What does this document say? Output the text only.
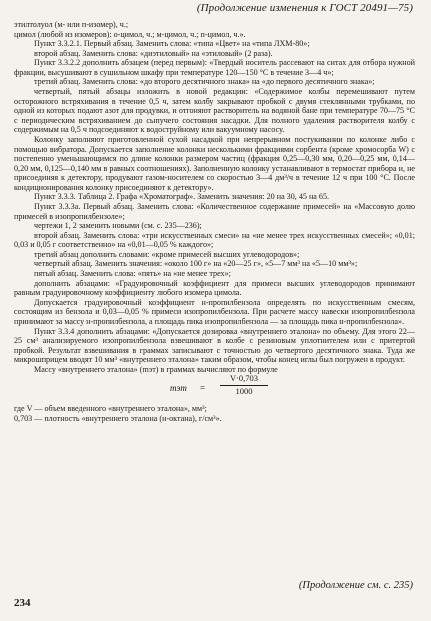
(Продолжение изменения к ГОСТ 20491—75)

этилтолуол (м- или п-изомер), ч.;

цимол (любой из изомеров): о-цимол, ч.; м-цимол, ч.; п-цимол, ч.».

Пункт 3.3.2.1. Первый абзац. Заменить слова: «типа «Цвет» на «типа ЛХМ-80»;

второй абзац. Заменить слова: «диэтиловый» на «этиловый» (2 раза).

Пункт 3.3.2.2 дополнить абзацем (перед первым): «Твердый носитель рассевают на ситах для отбора нужной фракции, высушивают в сушильном шкафу при температуре 120—150 °С в течение 3—4 ч»;

третий абзац. Заменить слова: «до второго десятичного знака» на «до первого десятичного знака»;

четвертый, пятый абзацы изложить в новой редакции: «Содержимое колбы перемешивают путем осторожного встряхивания в течение 0,5 ч, затем колбу закрывают пробкой с двумя стеклянными трубками, по одной из которых подают азот для продувки, и отгоняют растворитель на водяной бане при температуре 70—75 °С с периодическим встряхиванием до сыпучего состояния насадки. Для полного удаления растворителя колбу с содержимым на 0,5 ч подсоединяют к водоструйному или вакуумному насосу.

Колонку заполняют приготовленной сухой насадкой при непрерывном постукивании по колонке либо с помощью вибратора. Допускается заполнение колонки несколькими фракциями сорбента (кроме хромосорба W) с постепенно уменьшающимся по длине колонки размером частиц (фракция 0,25—0,30 мм, 0,20—0,25 мм, 0,14—0,20 мм, 0,125—0,140 мм в равных соотношениях). Заполненную колонку устанавливают в термостат прибора и, не присоединяя к детектору, продувают газом-носителем со скоростью 3—4 дм³/ч в течение 12 ч при 100 °С. После кондиционирования колонку присоединяют к детектору».

Пункт 3.3.3. Таблица 2. Графа «Хроматограф». Заменить значения: 20 на 30, 45 на 65.

Пункт 3.3.3а. Первый абзац. Заменить слова: «Количественное содержание примесей» на «Массовую долю примесей в изопропилбензоле»;

чертежи 1, 2 заменить новыми (см. с. 235—236);

второй абзац. Заменить слова: «три искусственных смеси» на «не менее трех искусственных смесей»; «0,01; 0,03 и 0,05 г соответственно» на «0,01—0,05 % каждого»;

третий абзац дополнить словами: «кроме примесей высших углеводородов»;

четвертый абзац. Заменить значения: «около 100 г» на «20—25 г», «5—7 мм³ на «5—10 мм³»;

пятый абзац. Заменить слова: «пять» на «не менее трех»;

дополнить абзацами: «Градуировочный коэффициент для примеси высших углеводородов принимают равным градуировочному коэффициенту любого изомера цимола.

Допускается градуировочный коэффициент н-пропилбензола определять по искусственным смесям, состоящим из бензола и 0,03—0,05 % примеси изопропилбензола. При расчете массу навески изопропилбензола принимают за массу н-пропилбензола, а площадь пика изопропилбензола — за площадь пика н-пропилбензола».

Пункт 3.3.4 дополнить абзацами: «Допускается дозировка «внутреннего эталона» по объему. Для этого 22—25 см³ анализируемого изопропилбензола взвешивают в колбе с резиновым уплотнителем или с притертой пробкой. Результат взвешивания в граммах записывают с точностью до четвертого десятичного знака. Туда же микрошприцем вводят 10 мм³ «внутреннего эталона» таким образом, чтобы конец иглы был погружен в продукт.

Массу «внутреннего эталона» (mэт) в граммах вычисляют по формуле

mэт = $\frac{V\cdot 0,703}{1000}$

где V — объем введенного «внутреннего эталона», мм³;

0,703 — плотность «внутреннего эталона (н-октана), г/см³».

(Продолжение см. с. 235)
234
